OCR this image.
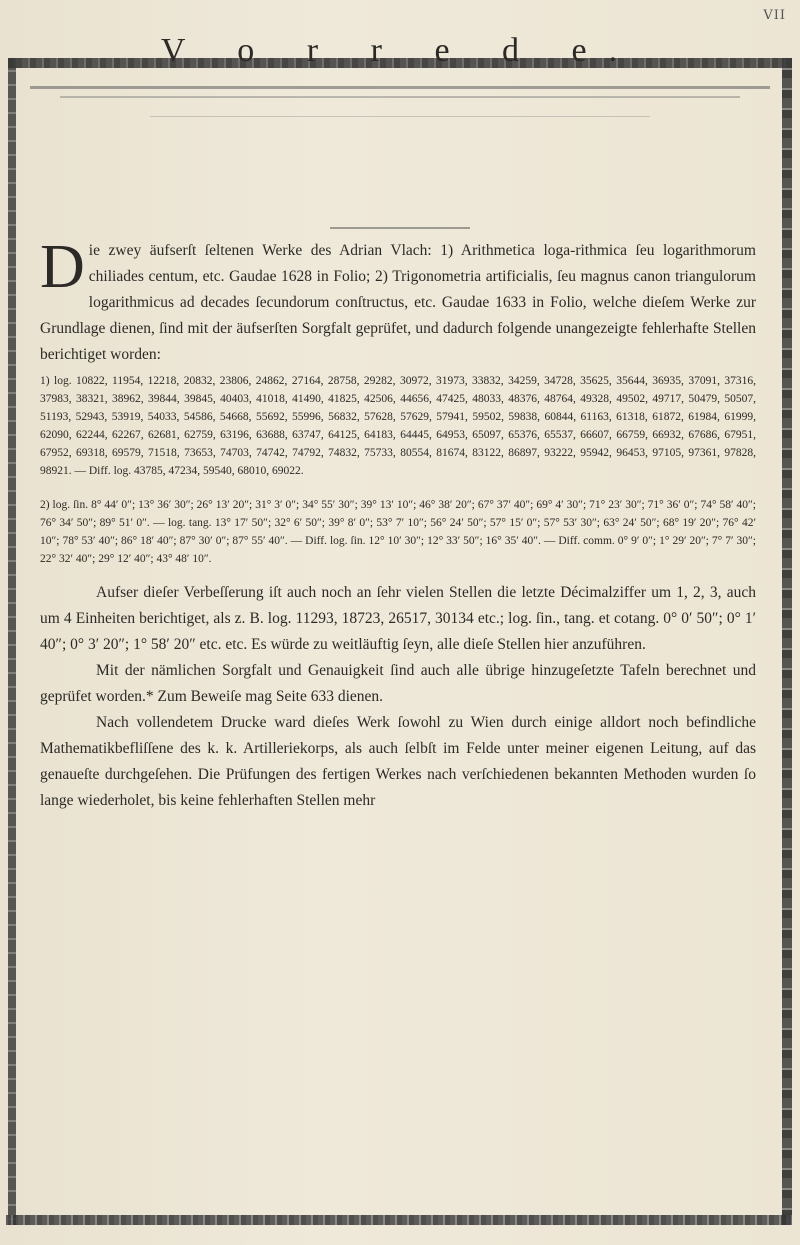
VII
V o r r e d e.

Die zwey äufserſt ſeltenen Werke des Adrian Vlach: 1) Arithmetica loga-rithmica ſeu logarithmorum chiliades centum, etc. Gaudae 1628 in Folio; 2) Trigonometria artificialis, ſeu magnus canon triangulorum logarithmicus ad decades ſecundorum conſtructus, etc. Gaudae 1633 in Folio, welche dieſem Werke zur Grundlage dienen, ſind mit der äufserſten Sorgfalt geprüfet, und dadurch folgende unangezeigte fehlerhafte Stellen berichtiget worden:

1) log. 10822, 11954, 12218, 20832, 23806, 24862, 27164, 28758, 29282, 30972, 31973, 33832, 34259, 34728, 35625, 35644, 36935, 37091, 37316, 37983, 38321, 38962, 39844, 39845, 40403, 41018, 41490, 41825, 42506, 44656, 47425, 48033, 48376, 48764, 49328, 49502, 49717, 50479, 50507, 51193, 52943, 53919, 54033, 54586, 54668, 55692, 55996, 56832, 57628, 57629, 57941, 59502, 59838, 60844, 61163, 61318, 61872, 61984, 61999, 62090, 62244, 62267, 62681, 62759, 63196, 63688, 63747, 64125, 64183, 64445, 64953, 65097, 65376, 65537, 66607, 66759, 66932, 67686, 67951, 67952, 69318, 69579, 71518, 73653, 74703, 74742, 74792, 74832, 75733, 80554, 81674, 83122, 86897, 93222, 95942, 96453, 97105, 97361, 97828, 98921. — Diff. log. 43785, 47234, 59540, 68010, 69022.

2) log. ſin. 8° 44′ 0″; 13° 36′ 30″; 26° 13′ 20″; 31° 3′ 0″; 34° 55′ 30″; 39° 13′ 10″; 46° 38′ 20″; 67° 37′ 40″; 69° 4′ 30″; 71° 23′ 30″; 71° 36′ 0″; 74° 58′ 40″; 76° 34′ 50″; 89° 51′ 0″. — log. tang. 13° 17′ 50″; 32° 6′ 50″; 39° 8′ 0″; 53° 7′ 10″; 56° 24′ 50″; 57° 15′ 0″; 57° 53′ 30″; 63° 24′ 50″; 68° 19′ 20″; 76° 42′ 10″; 78° 53′ 40″; 86° 18′ 40″; 87° 30′ 0″; 87° 55′ 40″. — Diff. log. ſin. 12° 10′ 30″; 12° 33′ 50″; 16° 35′ 40″. — Diff. comm. 0° 9′ 0″; 1° 29′ 20″; 7° 7′ 30″; 22° 32′ 40″; 29° 12′ 40″; 43° 48′ 10″.

Aufser dieſer Verbeſſerung iſt auch noch an ſehr vielen Stellen die letzte Décimalziffer um 1, 2, 3, auch um 4 Einheiten berichtiget, als z. B. log. 11293, 18723, 26517, 30134 etc.; log. ſin., tang. et cotang. 0° 0′ 50″; 0° 1′ 40″; 0° 3′ 20″; 1° 58′ 20″ etc. etc. Es würde zu weitläuftig ſeyn, alle dieſe Stellen hier anzuführen.

Mit der nämlichen Sorgfalt und Genauigkeit ſind auch alle übrige hinzugeſetzte Tafeln berechnet und geprüfet worden.* Zum Beweiſe mag Seite 633 dienen.

Nach vollendetem Drucke ward dieſes Werk ſowohl zu Wien durch einige alldort noch befindliche Mathematikbefliſſene des k. k. Artilleriekorps, als auch ſelbſt im Felde unter meiner eigenen Leitung, auf das genaueſte durchgeſehen. Die Prüfungen des fertigen Werkes nach verſchiedenen bekannten Methoden wurden ſo lange wiederholet, bis keine fehlerhaften Stellen mehr
